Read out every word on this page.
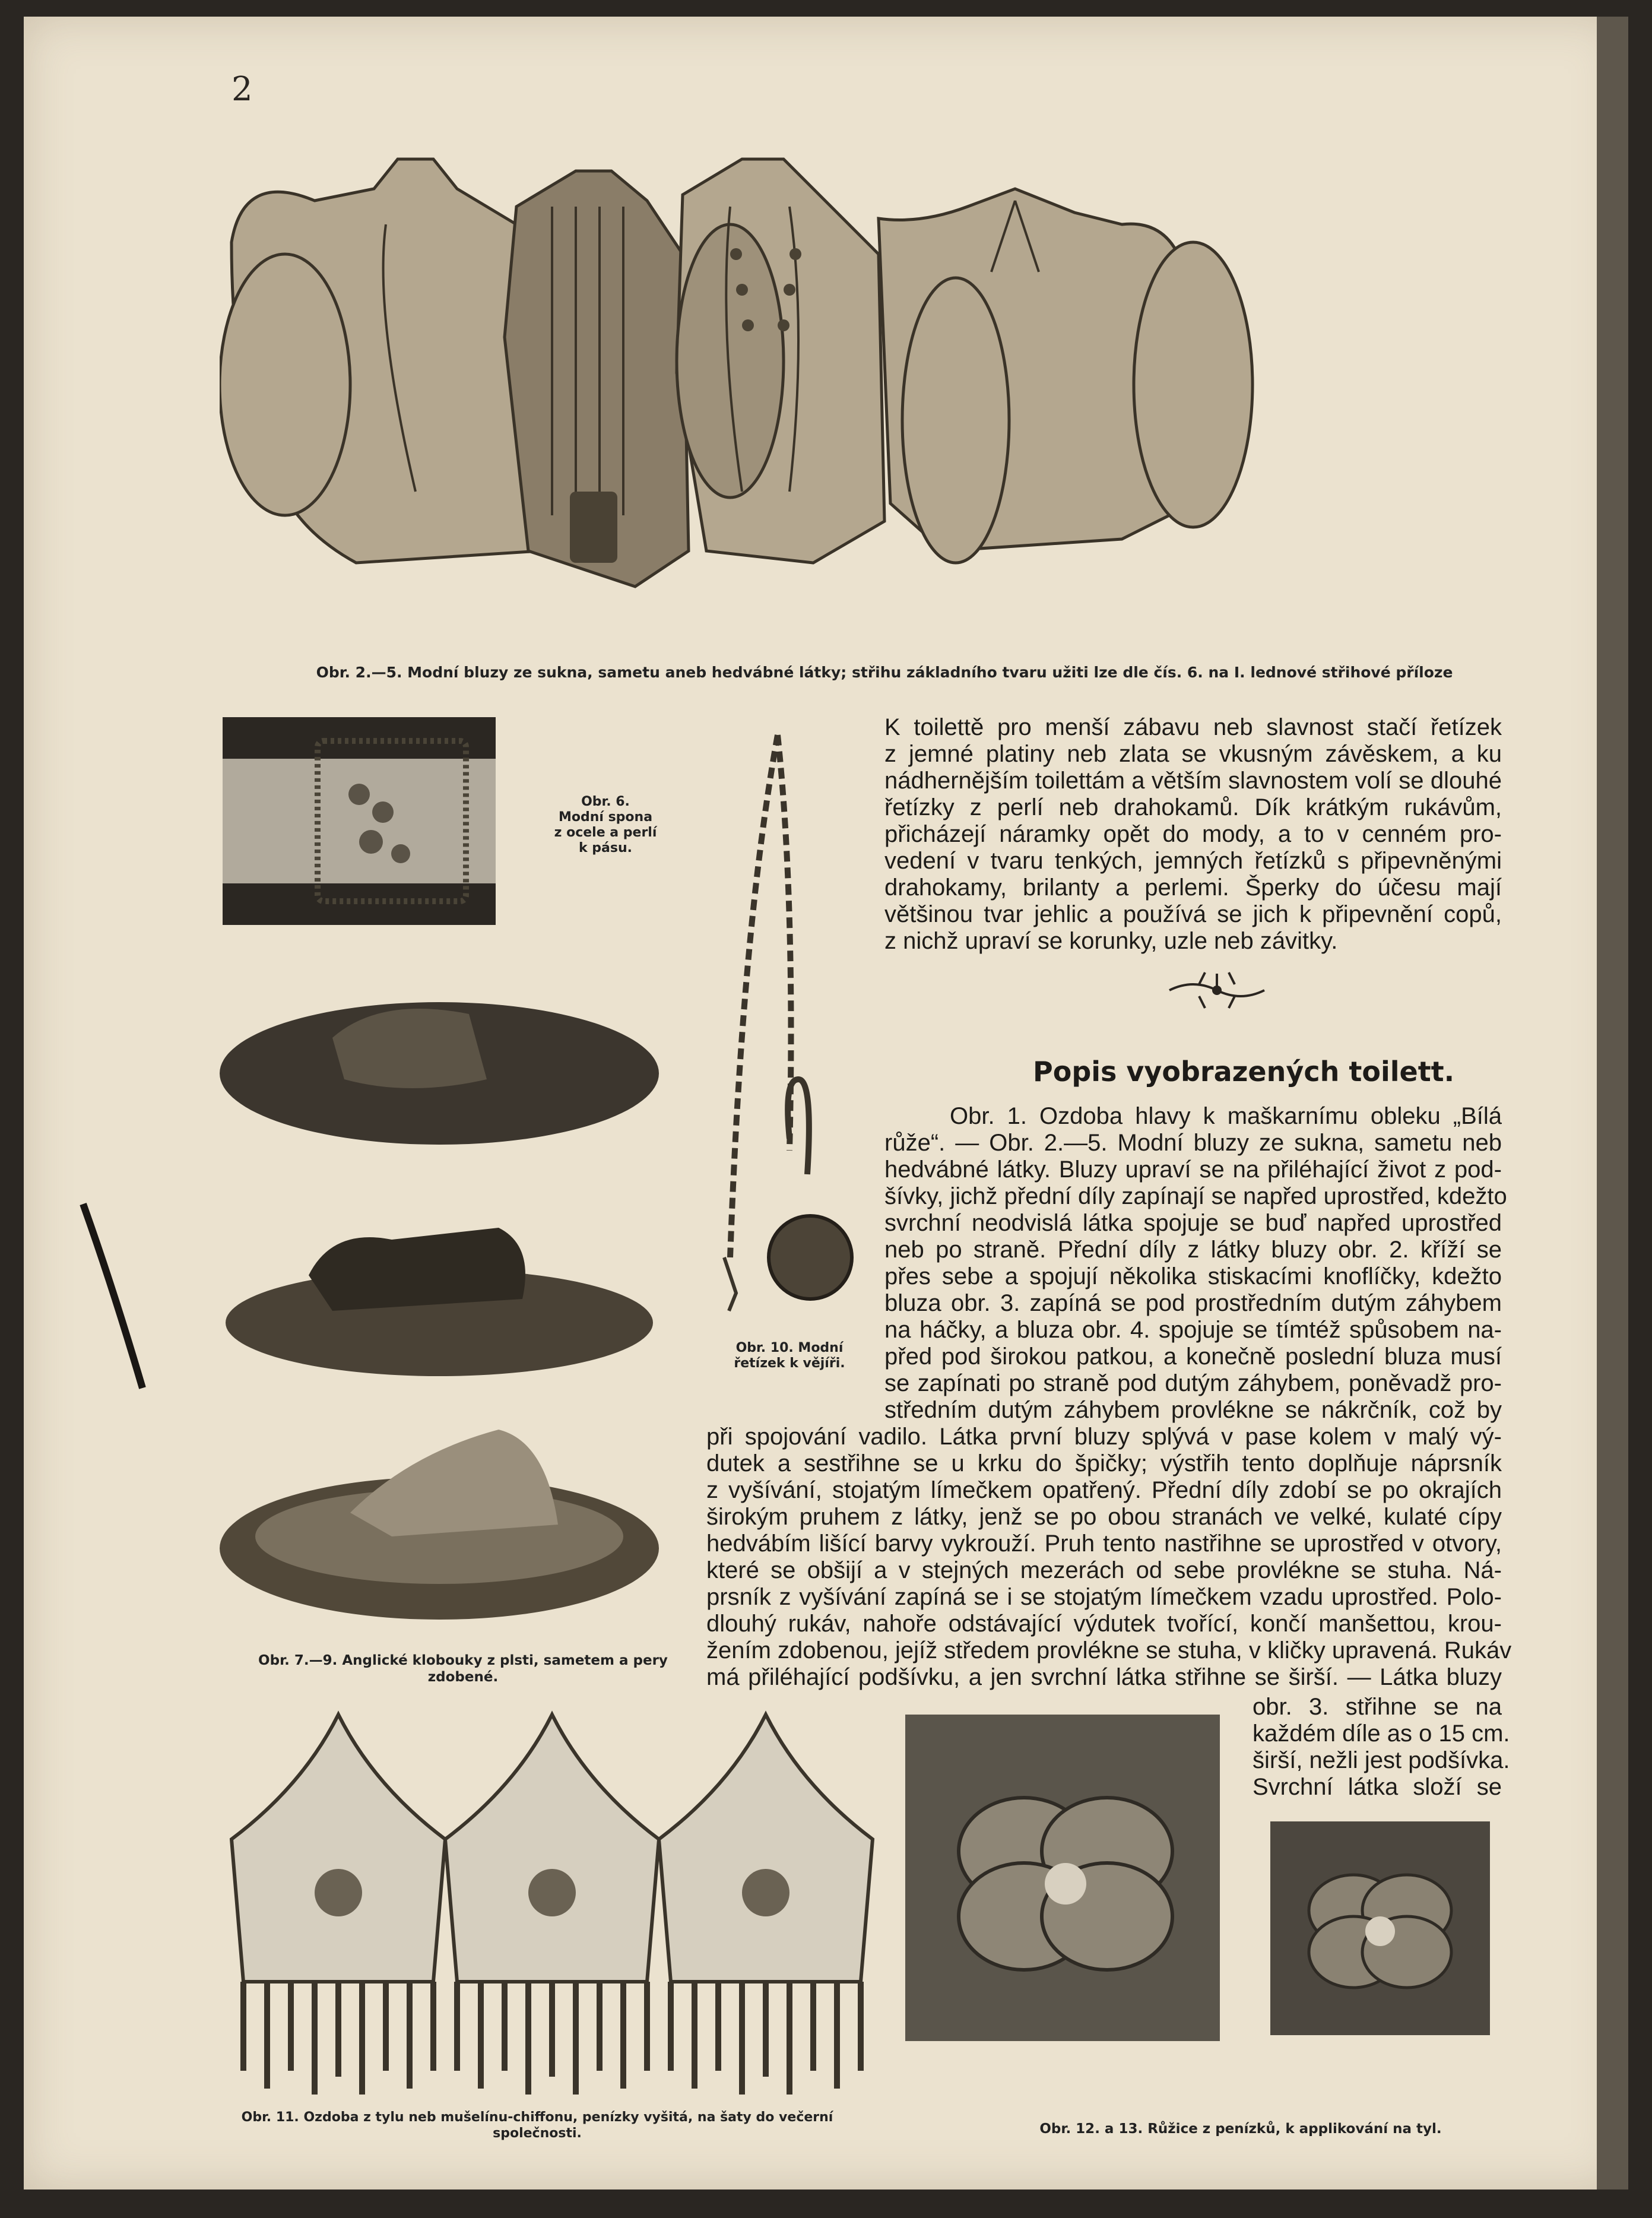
2
Obr. 2.—5. Modní bluzy ze sukna, sametu aneb hedvábné látky; střihu základního tvaru užiti lze dle čís. 6. na I. lednové střihové příloze
Obr. 6.
Modní spona
z ocele a perlí
k pásu.
Obr. 10. Modní
řetízek k vějíři.
Obr. 7.—9. Anglické klobouky z plsti, sametem a pery
zdobené.
Obr. 11. Ozdoba z tylu neb mušelínu-chiffonu, penízky vyšitá, na šaty do večerní
společnosti.	Obr. 12. a 13. Růžice z penízků, k applikování na tyl.
K toilettě pro menší zábavu neb slavnost stačí řetízek
z jemné platiny neb zlata se vkusným závěskem, a ku
nádhernějším toilettám a větším slavnostem volí se dlouhé
řetízky z perlí neb drahokamů. Dík krátkým rukávům,
přicházejí náramky opět do mody, a to v cenném pro-
vedení v tvaru tenkých, jemných řetízků s připevněnými
drahokamy, brilanty a perlemi. Šperky do účesu mají
většinou tvar jehlic a používá se jich k připevnění copů,
z nichž upraví se korunky, uzle neb závitky.
Popis vyobrazených toilett.
Obr. 1. Ozdoba hlavy k maškarnímu obleku „Bílá
růže“. — Obr. 2.—5. Modní bluzy ze sukna, sametu neb
hedvábné látky. Bluzy upraví se na přiléhající život z pod-
šívky, jichž přední díly zapínají se napřed uprostřed, kdežto
svrchní neodvislá látka spojuje se buď napřed uprostřed
neb po straně. Přední díly z látky bluzy obr. 2. kříží se
přes sebe a spojují několika stiskacími knoflíčky, kdežto
bluza obr. 3. zapíná se pod prostředním dutým záhybem
na háčky, a bluza obr. 4. spojuje se tímtéž spůsobem na-
před pod širokou patkou, a konečně poslední bluza musí
se zapínati po straně pod dutým záhybem, poněvadž pro-
středním dutým záhybem provlékne se nákrčník, což by
při spojování vadilo. Látka první bluzy splývá v pase kolem v malý vý-
dutek a sestřihne se u krku do špičky; výstřih tento doplňuje náprsník
z vyšívání, stojatým límečkem opatřený. Přední díly zdobí se po okrajích
širokým pruhem z látky, jenž se po obou stranách ve velké, kulaté cípy
hedvábím lišící barvy vykrouží. Pruh tento nastřihne se uprostřed v otvory,
které se obšijí a v stejných mezerách od sebe provlékne se stuha. Ná-
prsník z vyšívání zapíná se i se stojatým límečkem vzadu uprostřed. Polo-
dlouhý rukáv, nahoře odstávající výdutek tvořící, končí manšettou, krou-
žením zdobenou, jejíž středem provlékne se stuha, v kličky upravená. Rukáv
má přiléhající podšívku, a jen svrchní látka střihne se širší. — Látka bluzy
obr. 3. střihne se na
každém díle as o 15 cm.
širší, nežli jest podšívka.
Svrchní látka složí se
